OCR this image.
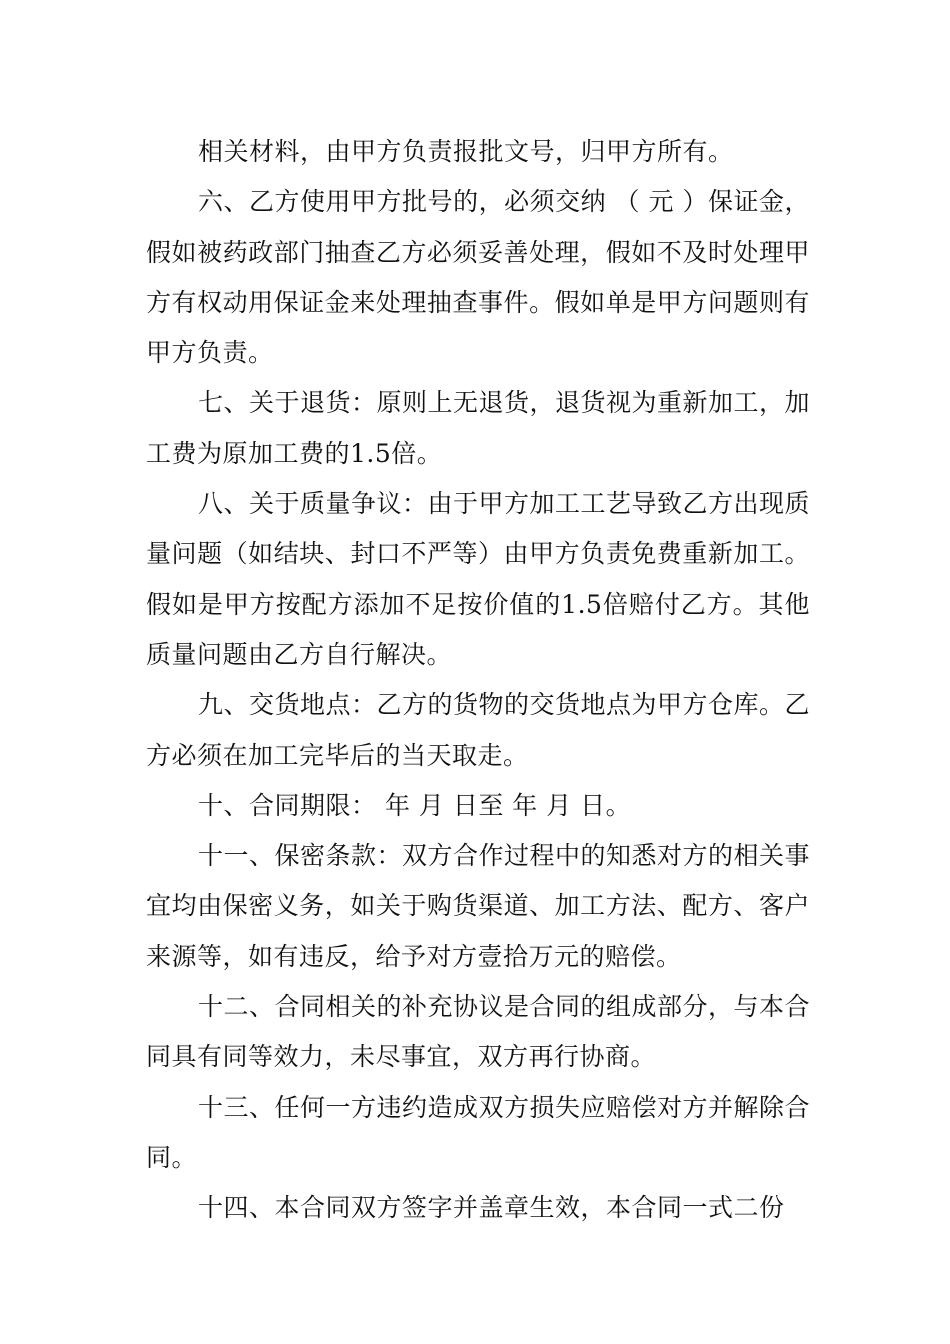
相关材料，由甲方负责报批文号，归甲方所有。

六、乙方使用甲方批号的，必须交纳 （ 元 ）保证金，假如被药政部门抽查乙方必须妥善处理，假如不及时处理甲方有权动用保证金来处理抽查事件。假如单是甲方问题则有甲方负责。

七、关于退货：原则上无退货，退货视为重新加工，加工费为原加工费的1.5倍。

八、关于质量争议：由于甲方加工工艺导致乙方出现质量问题（如结块、封口不严等）由甲方负责免费重新加工。假如是甲方按配方添加不足按价值的1.5倍赔付乙方。其他质量问题由乙方自行解决。

九、交货地点：乙方的货物的交货地点为甲方仓库。乙方必须在加工完毕后的当天取走。

十、合同期限： 年 月 日至 年 月 日。

十一、保密条款：双方合作过程中的知悉对方的相关事宜均由保密义务，如关于购货渠道、加工方法、配方、客户来源等，如有违反，给予对方壹拾万元的赔偿。

十二、合同相关的补充协议是合同的组成部分，与本合同具有同等效力，未尽事宜，双方再行协商。

十三、任何一方违约造成双方损失应赔偿对方并解除合同。

十四、本合同双方签字并盖章生效，本合同一式二份
